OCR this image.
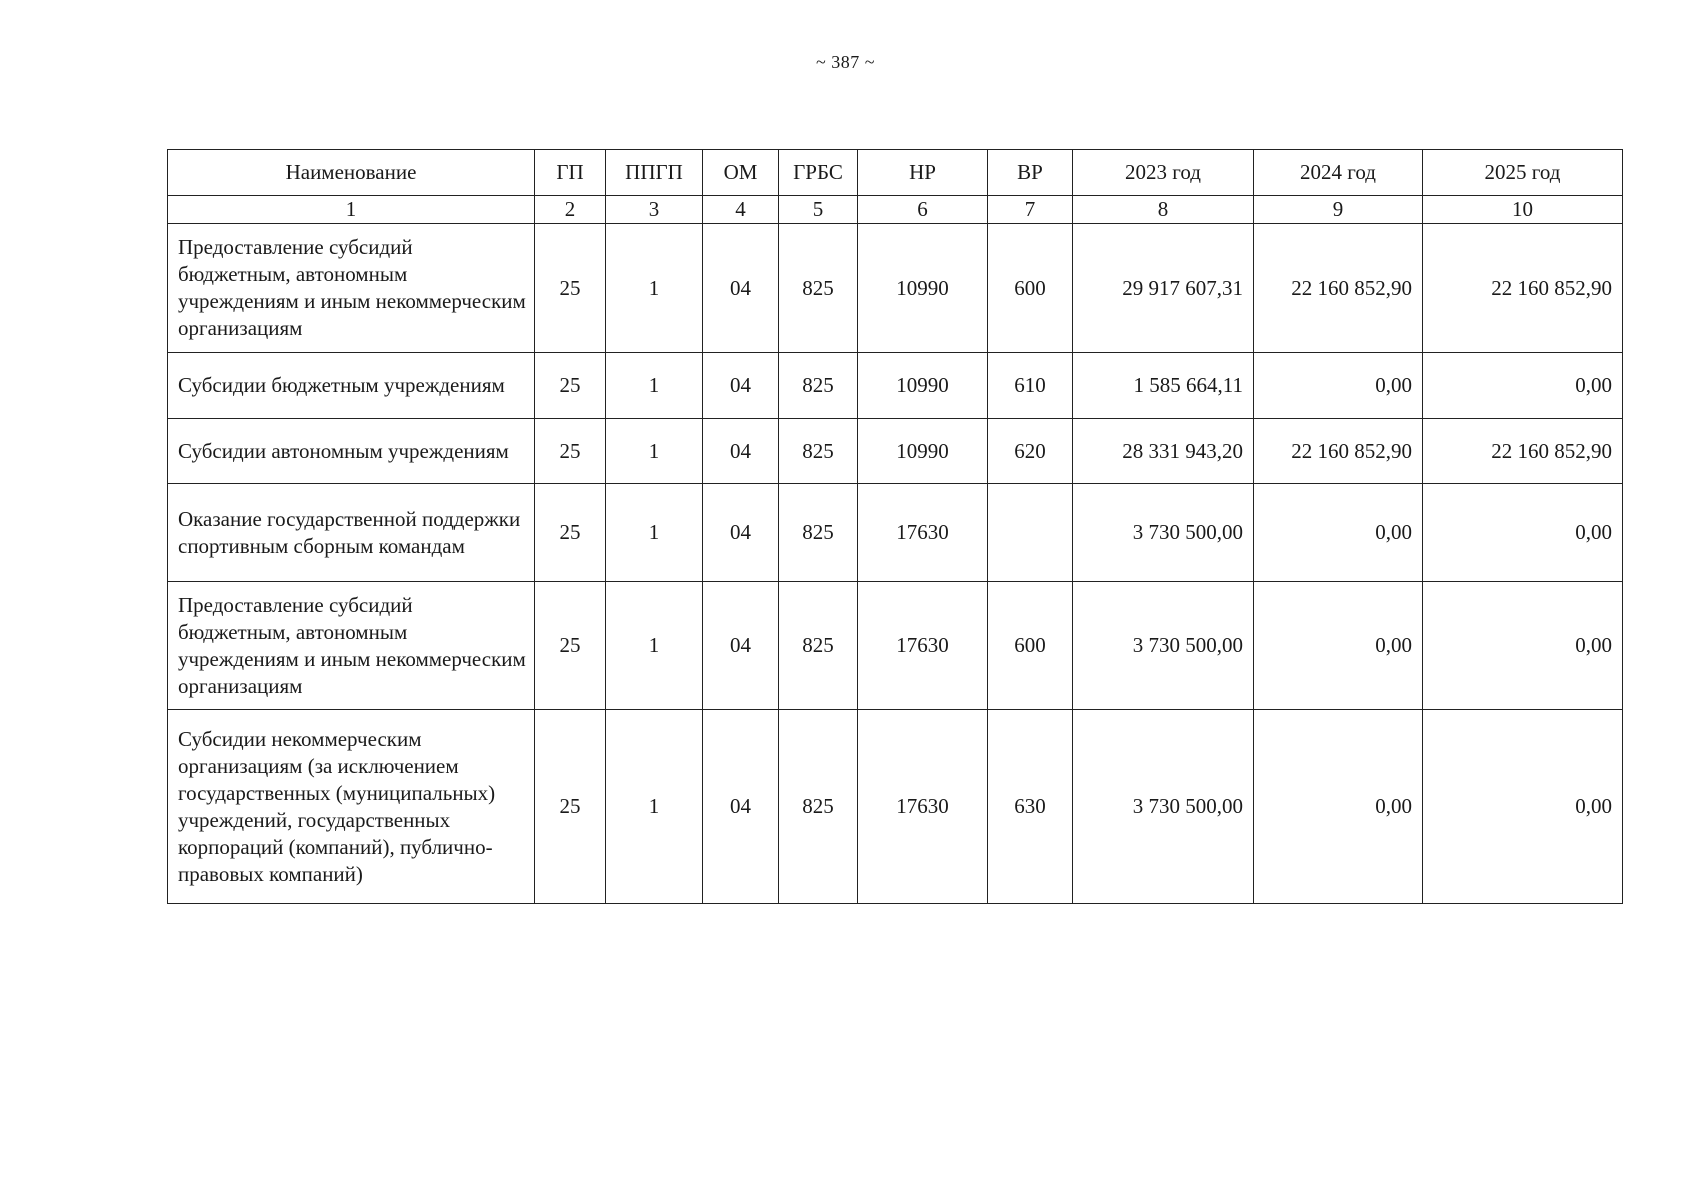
~ 387 ~
Наименование	ГП	ППГП	ОМ	ГРБС	НР	ВР	2023 год	2024 год	2025 год
1	2	3	4	5	6	7	8	9	10
Предоставление субсидий бюджетным, автономным учреждениям и иным некоммерческим организациям	25	1	04	825	10990	600	29 917 607,31	22 160 852,90	22 160 852,90
Субсидии бюджетным учреждениям	25	1	04	825	10990	610	1 585 664,11	0,00	0,00
Субсидии автономным учреждениям	25	1	04	825	10990	620	28 331 943,20	22 160 852,90	22 160 852,90
Оказание государственной поддержки спортивным сборным командам	25	1	04	825	17630		3 730 500,00	0,00	0,00
Предоставление субсидий бюджетным, автономным учреждениям и иным некоммерческим организациям	25	1	04	825	17630	600	3 730 500,00	0,00	0,00
Субсидии некоммерческим организациям (за исключением государственных (муниципальных) учреждений, государственных корпораций (компаний), публично-правовых компаний)	25	1	04	825	17630	630	3 730 500,00	0,00	0,00
